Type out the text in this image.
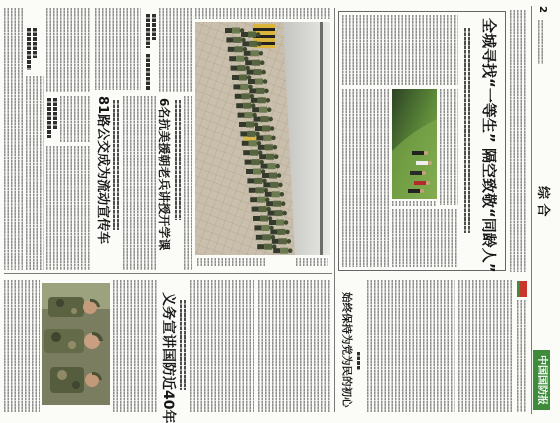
81路公交成为流动宣传车	6名抗美援朝老兵讲授开学课	全城寻找“一等生” 隔空致敬“同龄人”
2
综 合
中国国防报
始终保持为党为民的初心
义务宣讲国防近40年
